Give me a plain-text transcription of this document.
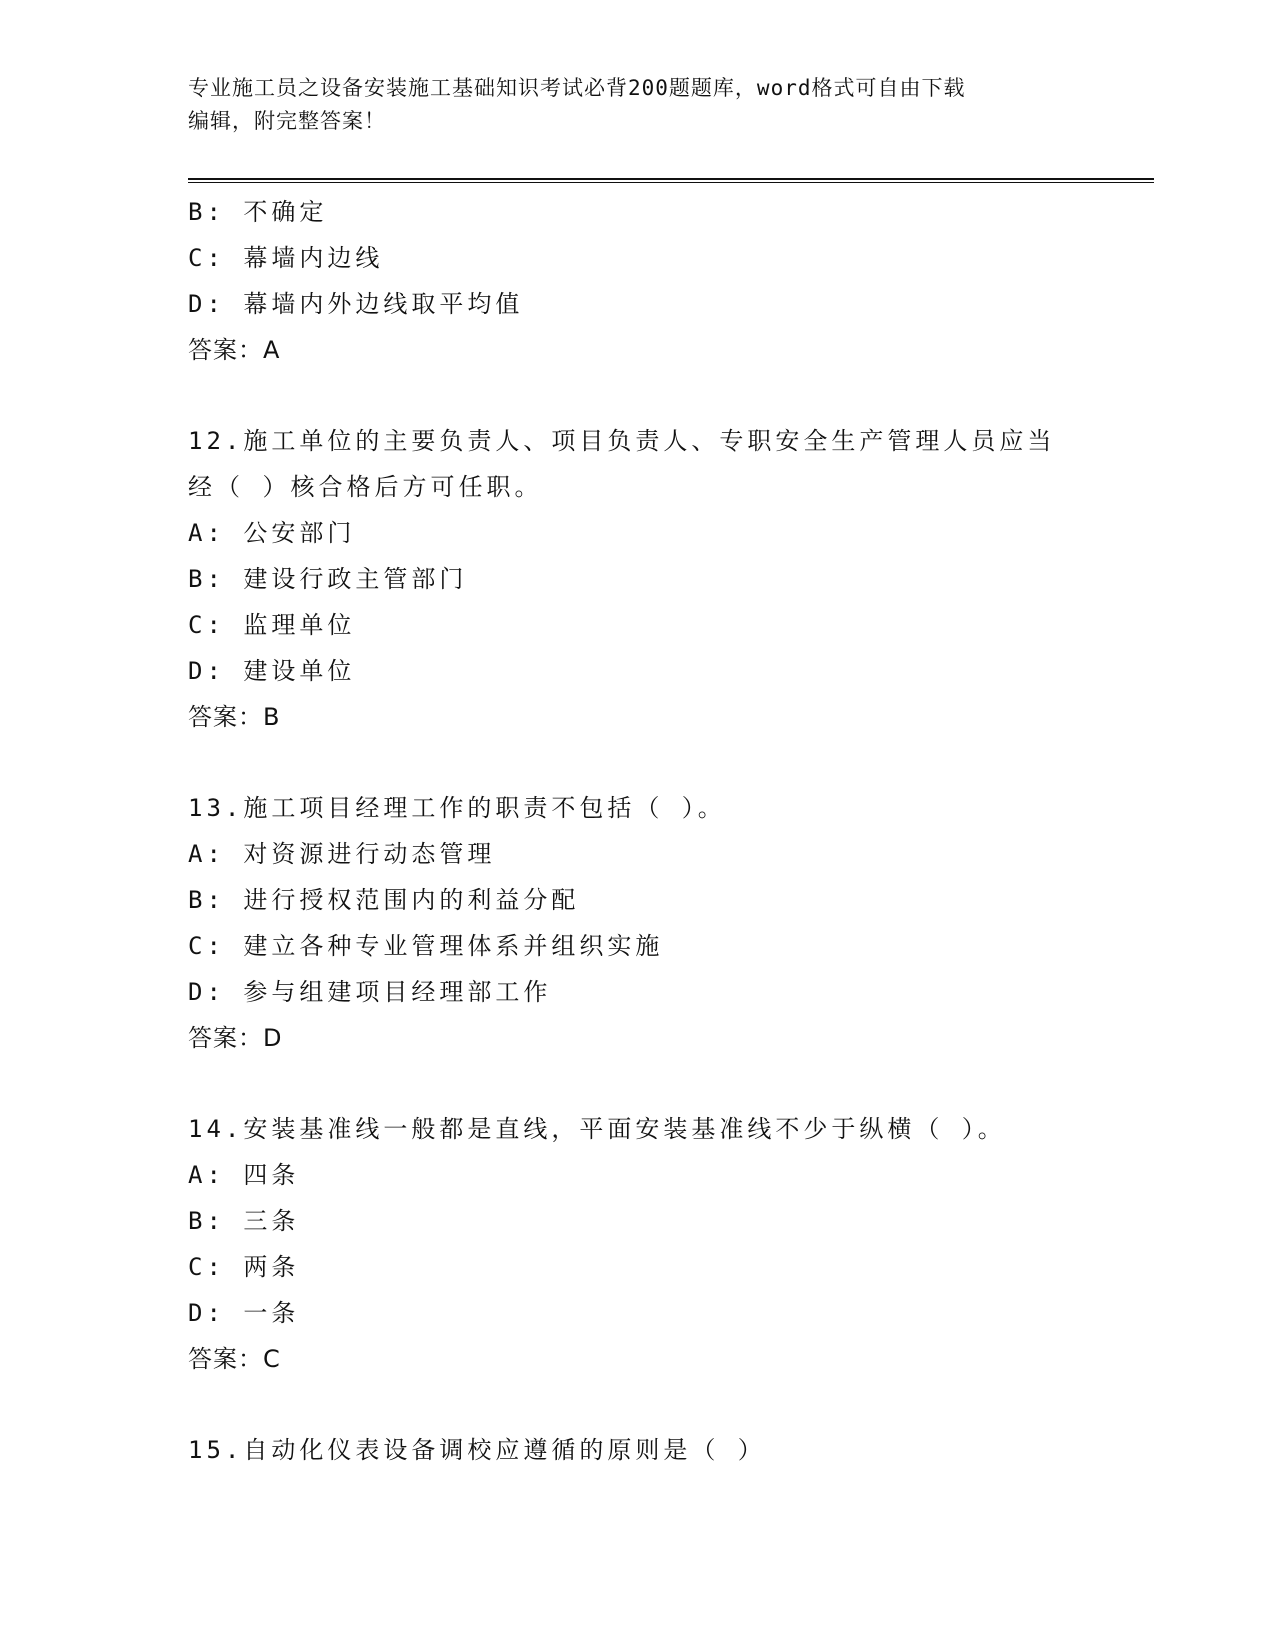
专业施工员之设备安装施工基础知识考试必背200题题库，word格式可自由下载
编辑，附完整答案！
B: 不确定
C: 幕墙内边线
D: 幕墙内外边线取平均值
答案：A
12.施工单位的主要负责人、项目负责人、专职安全生产管理人员应当
经（ ）核合格后方可任职。
A: 公安部门
B: 建设行政主管部门
C: 监理单位
D: 建设单位
答案：B
13.施工项目经理工作的职责不包括（ ）。
A: 对资源进行动态管理
B: 进行授权范围内的利益分配
C: 建立各种专业管理体系并组织实施
D: 参与组建项目经理部工作
答案：D
14.安装基准线一般都是直线，平面安装基准线不少于纵横（ ）。
A: 四条
B: 三条
C: 两条
D: 一条
答案：C
15.自动化仪表设备调校应遵循的原则是（ ）
